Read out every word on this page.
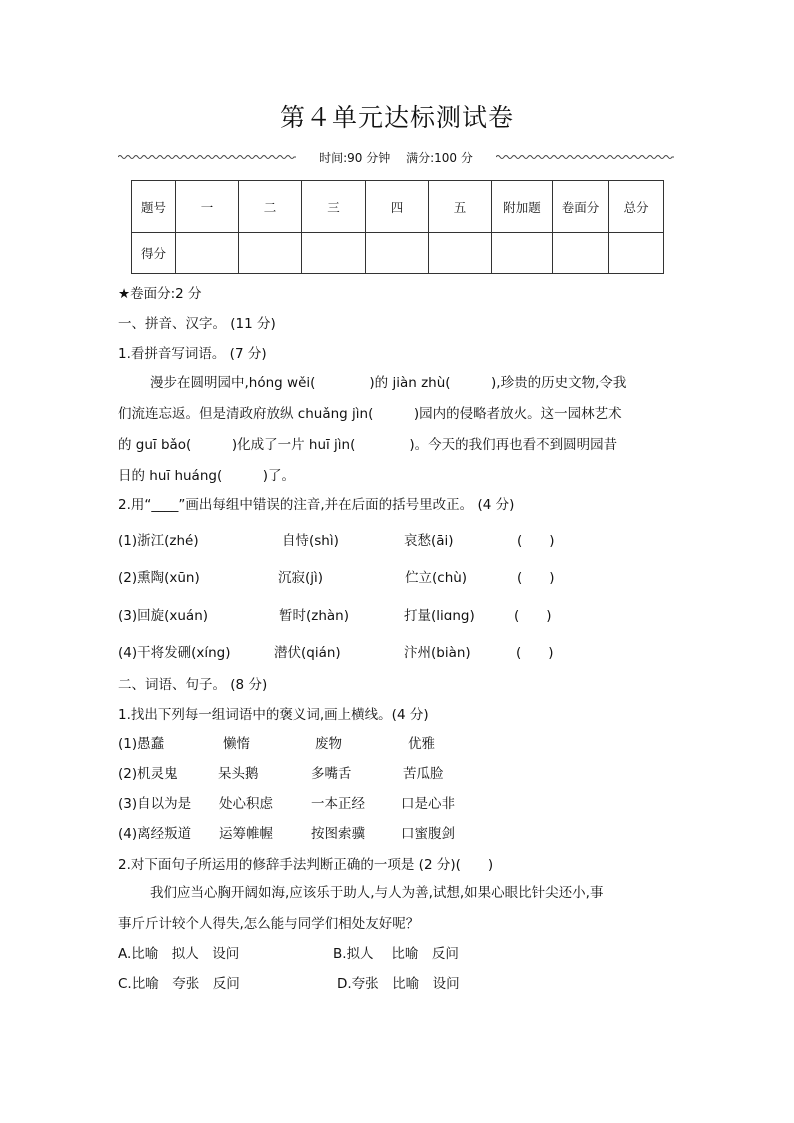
第４单元达标测试卷
时间:90 分钟 满分:100 分
题号	一	二	三	四	五	附加题	卷面分	总分
得分								
★卷面分:2 分
一、拼音、汉字。 (11 分)
1.看拼音写词语。 (7 分)

漫步在圆明园中,hóng wěi(　　　　)的 jiàn zhù(　　　),珍贵的历史文物,令我

们流连忘返。但是清政府放纵 chuǎng jìn(　　　)园内的侵略者放火。这一园林艺术

的 guī bǎo(　　　)化成了一片 huī jìn(　　　　)。今天的我们再也看不到圆明园昔

日的 huī huáng(　　　)了。

2.用“____”画出每组中错误的注音,并在后面的括号里改正。 (4 分)
(1)浙江(zhé)	自恃(shì)	哀愁(āi)	(　　)
(2)熏陶(xūn)	沉寂(jì)	伫立(chù)	(　　)
(3)回旋(xuán)	暂时(zhàn)	打量(liɑng)	(　　)
(4)干将发硎(xíng)	潜伏(qián)	汴州(biàn)	(　　)
二、词语、句子。 (8 分)
1.找出下列每一组词语中的褒义词,画上横线。(4 分)
(1)愚蠢	懒惰	废物	优雅
(2)机灵鬼	呆头鹅	多嘴舌	苦瓜脸
(3)自以为是 处心积虑	一本正经	口是心非
(4)离经叛道 运筹帷幄	按图索骥	口蜜腹剑
2.对下面句子所运用的修辞手法判断正确的一项是 (2 分)(　　)

我们应当心胸开阔如海,应该乐于助人,与人为善,试想,如果心眼比针尖还小,事

事斤斤计较个人得失,怎么能与同学们相处友好呢？

A.比喻　拟人　设问	B.拟人　 比喻　反问
C.比喻　夸张　反问	D.夸张　比喻　设问
